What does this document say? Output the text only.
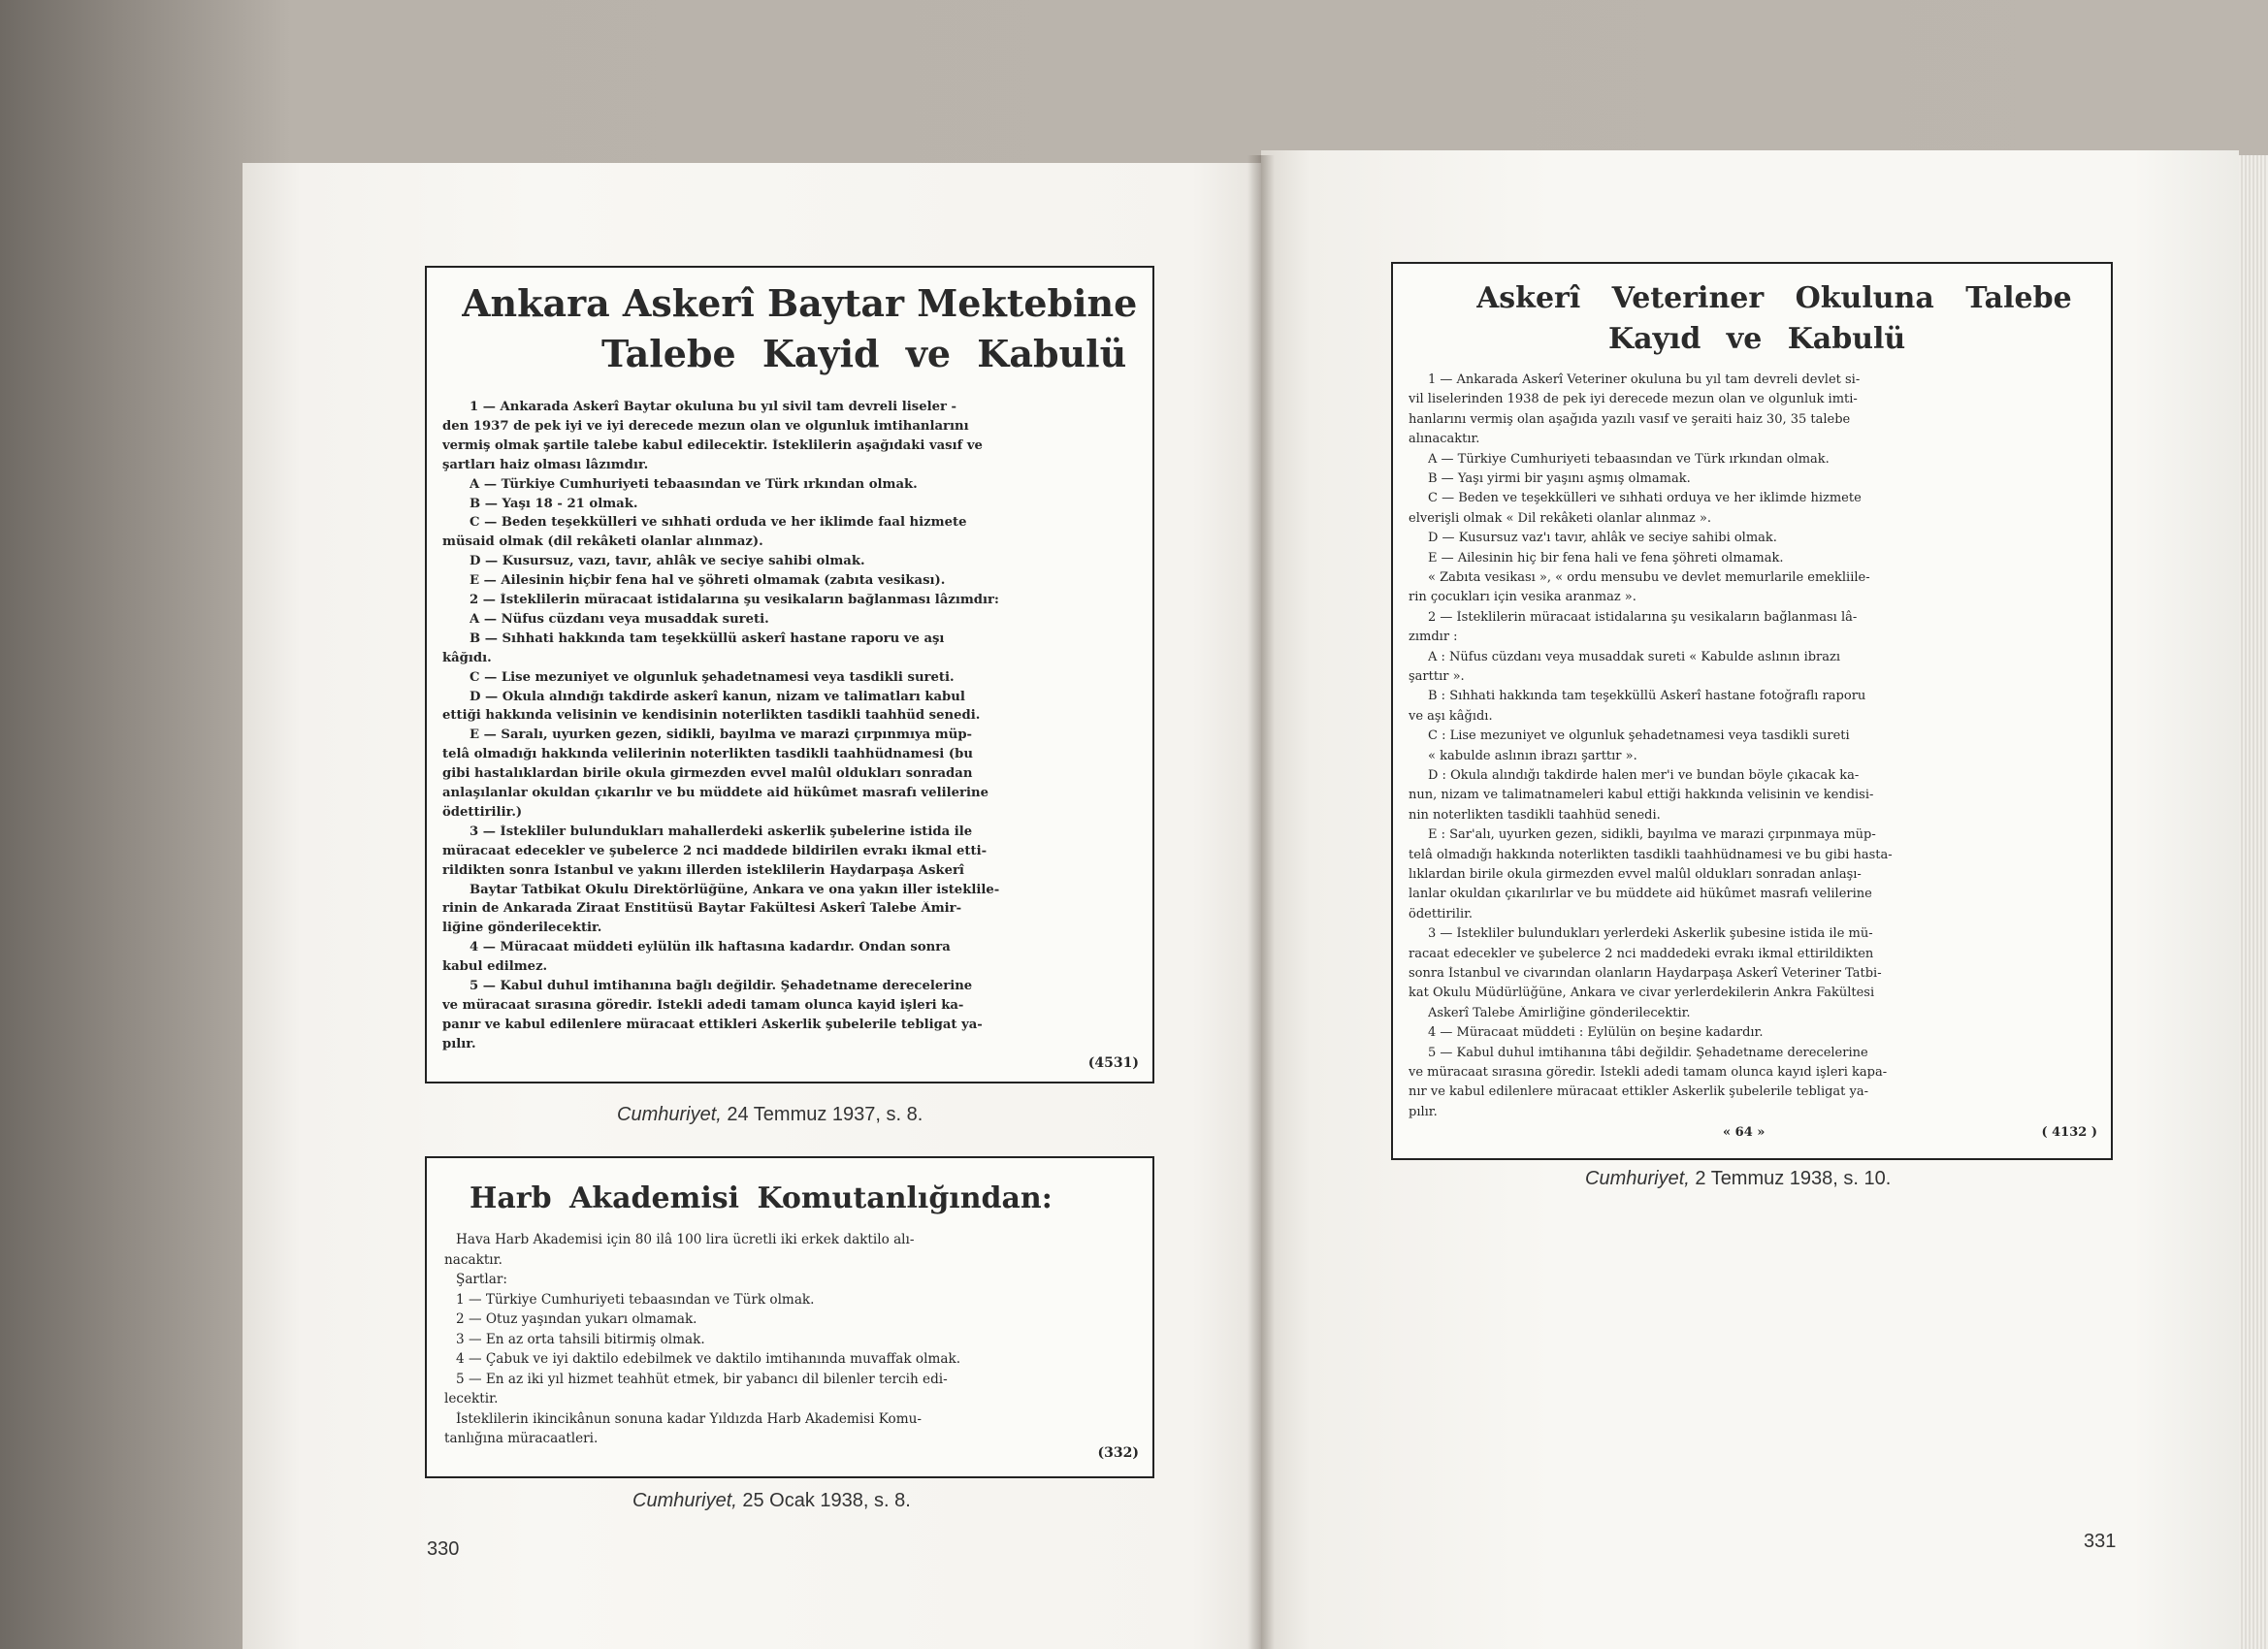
Ankara Askerî Baytar Mektebine
Talebe Kayid ve Kabulü
1 — Ankarada Askerî Baytar okuluna bu yıl sivil tam devreli liseler -
den 1937 de pek iyi ve iyi derecede mezun olan ve olgunluk imtihanlarını
vermiş olmak şartile talebe kabul edilecektir. İsteklilerin aşağıdaki vasıf ve
şartları haiz olması lâzımdır.
A — Türkiye Cumhuriyeti tebaasından ve Türk ırkından olmak.
B — Yaşı 18 - 21 olmak.
C — Beden teşekkülleri ve sıhhati orduda ve her iklimde faal hizmete
müsaid olmak (dil rekâketi olanlar alınmaz).
D — Kusursuz, vazı, tavır, ahlâk ve seciye sahibi olmak.
E — Ailesinin hiçbir fena hal ve şöhreti olmamak (zabıta vesikası).
2 — İsteklilerin müracaat istidalarına şu vesikaların bağlanması lâzımdır:
A — Nüfus cüzdanı veya musaddak sureti.
B — Sıhhati hakkında tam teşekküllü askerî hastane raporu ve aşı
kâğıdı.
C — Lise mezuniyet ve olgunluk şehadetnamesi veya tasdikli sureti.
D — Okula alındığı takdirde askerî kanun, nizam ve talimatları kabul
ettiği hakkında velisinin ve kendisinin noterlikten tasdikli taahhüd senedi.
E — Saralı, uyurken gezen, sidikli, bayılma ve marazi çırpınmıya müp-
telâ olmadığı hakkında velilerinin noterlikten tasdikli taahhüdnamesi (bu
gibi hastalıklardan birile okula girmezden evvel malûl oldukları sonradan
anlaşılanlar okuldan çıkarılır ve bu müddete aid hükûmet masrafı velilerine
ödettirilir.)
3 — İstekliler bulundukları mahallerdeki askerlik şubelerine istida ile
müracaat edecekler ve şubelerce 2 nci maddede bildirilen evrakı ikmal etti-
rildikten sonra İstanbul ve yakını illerden isteklilerin Haydarpaşa Askerî
Baytar Tatbikat Okulu Direktörlüğüne, Ankara ve ona yakın iller isteklile-
rinin de Ankarada Ziraat Enstitüsü Baytar Fakültesi Askerî Talebe Âmir-
liğine gönderilecektir.
4 — Müracaat müddeti eylülün ilk haftasına kadardır. Ondan sonra
kabul edilmez.
5 — Kabul duhul imtihanına bağlı değildir. Şehadetname derecelerine
ve müracaat sırasına göredir. İstekli adedi tamam olunca kayid işleri ka-
panır ve kabul edilenlere müracaat ettikleri Askerlik şubelerile tebligat ya-
pılır.
(4531)
Cumhuriyet, 24 Temmuz 1937, s. 8.
Harb Akademisi Komutanlığından:
Hava Harb Akademisi için 80 ilâ 100 lira ücretli iki erkek daktilo alı-
nacaktır.
Şartlar:
1 — Türkiye Cumhuriyeti tebaasından ve Türk olmak.
2 — Otuz yaşından yukarı olmamak.
3 — En az orta tahsili bitirmiş olmak.
4 — Çabuk ve iyi daktilo edebilmek ve daktilo imtihanında muvaffak olmak.
5 — En az iki yıl hizmet teahhüt etmek, bir yabancı dil bilenler tercih edi-
lecektir.
İsteklilerin ikincikânun sonuna kadar Yıldızda Harb Akademisi Komu-
tanlığına müracaatleri.
(332)
Cumhuriyet, 25 Ocak 1938, s. 8.
330
Askerî Veteriner Okuluna Talebe
Kayıd ve Kabulü
1 — Ankarada Askerî Veteriner okuluna bu yıl tam devreli devlet si-
vil liselerinden 1938 de pek iyi derecede mezun olan ve olgunluk imti-
hanlarını vermiş olan aşağıda yazılı vasıf ve şeraiti haiz 30, 35 talebe
alınacaktır.
A — Türkiye Cumhuriyeti tebaasından ve Türk ırkından olmak.
B — Yaşı yirmi bir yaşını aşmış olmamak.
C — Beden ve teşekkülleri ve sıhhati orduya ve her iklimde hizmete
elverişli olmak « Dil rekâketi olanlar alınmaz ».
D — Kusursuz vaz'ı tavır, ahlâk ve seciye sahibi olmak.
E — Ailesinin hiç bir fena hali ve fena şöhreti olmamak.
« Zabıta vesikası », « ordu mensubu ve devlet memurlarile emekliile-
rin çocukları için vesika aranmaz ».
2 — İsteklilerin müracaat istidalarına şu vesikaların bağlanması lâ-
zımdır :
A : Nüfus cüzdanı veya musaddak sureti « Kabulde aslının ibrazı
şarttır ».
B : Sıhhati hakkında tam teşekküllü Askerî hastane fotoğraflı raporu
ve aşı kâğıdı.
C : Lise mezuniyet ve olgunluk şehadetnamesi veya tasdikli sureti
« kabulde aslının ibrazı şarttır ».
D : Okula alındığı takdirde halen mer'i ve bundan böyle çıkacak ka-
nun, nizam ve talimatnameleri kabul ettiği hakkında velisinin ve kendisi-
nin noterlikten tasdikli taahhüd senedi.
E : Sar'alı, uyurken gezen, sidikli, bayılma ve marazi çırpınmaya müp-
telâ olmadığı hakkında noterlikten tasdikli taahhüdnamesi ve bu gibi hasta-
lıklardan birile okula girmezden evvel malûl oldukları sonradan anlaşı-
lanlar okuldan çıkarılırlar ve bu müddete aid hükûmet masrafı velilerine
ödettirilir.
3 — İstekliler bulundukları yerlerdeki Askerlik şubesine istida ile mü-
racaat edecekler ve şubelerce 2 nci maddedeki evrakı ikmal ettirildikten
sonra İstanbul ve civarından olanların Haydarpaşa Askerî Veteriner Tatbi-
kat Okulu Müdürlüğüne, Ankara ve civar yerlerdekilerin Ankra Fakültesi
Askerî Talebe Âmirliğine gönderilecektir.
4 — Müracaat müddeti : Eylülün on beşine kadardır.
5 — Kabul duhul imtihanına tâbi değildir. Şehadetname derecelerine
ve müracaat sırasına göredir. İstekli adedi tamam olunca kayıd işleri kapa-
nır ve kabul edilenlere müracaat ettikler Askerlik şubelerile tebligat ya-
pılır.
« 64 »	( 4132 )
Cumhuriyet, 2 Temmuz 1938, s. 10.
331
